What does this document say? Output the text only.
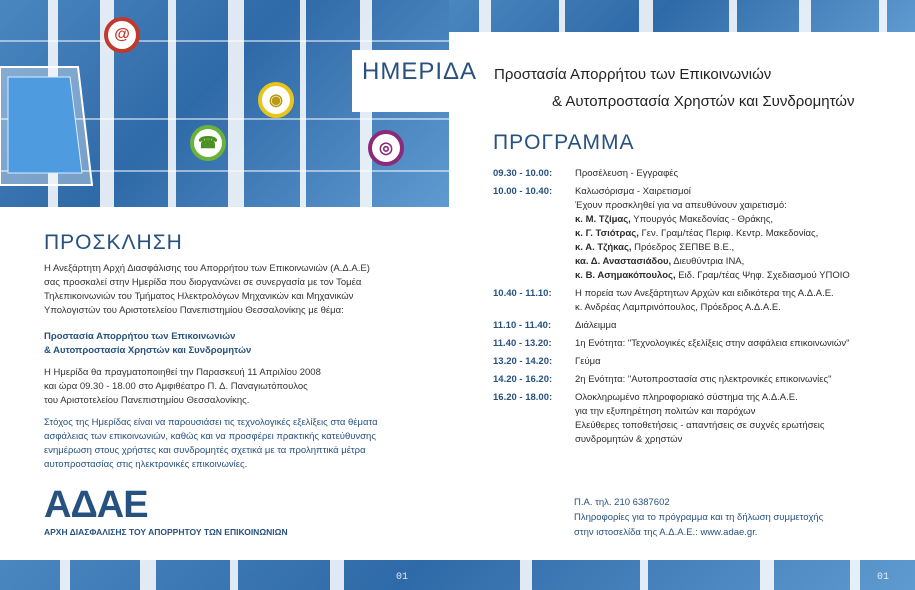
01	01
@
◉
☎	◎
ΗΜΕΡΙΔΑ Προστασία Απορρήτου των Επικοινωνιών
& Αυτοπροστασία Χρηστών και Συνδρομητών
ΠΡΟΓΡΑΜΜΑ
09.30 - 10.00:	Προσέλευση - Εγγραφές
10.00 - 10.40:	Καλωσόρισμα - Χαιρετισμοί
Έχουν προσκληθεί για να απευθύνουν χαιρετισμό:
κ. Μ. Τζίμας, Υπουργός Μακεδονίας - Θράκης,
κ. Γ. Τσιότρας, Γεν. Γραμ/τέας Περιφ. Κεντρ. Μακεδονίας,
κ. Α. Τζήκας, Πρόεδρος ΣΕΠΒΕ Β.Ε.,
κα. Δ. Αναστασιάδου, Διευθύντρια ΙΝΑ,
κ. Β. Ασημακόπουλος, Ειδ. Γραμ/τέας Ψηφ. Σχεδιασμού ΥΠΟΙΟ
10.40 - 11.10:	Η πορεία των Ανεξάρτητων Αρχών και ειδικότερα της Α.Δ.Α.Ε.
κ. Ανδρέας Λαμπρινόπουλος, Πρόεδρος Α.Δ.Α.Ε.
11.10 - 11.40:	Διάλειμμα
11.40 - 13.20:	1η Ενότητα: "Τεχνολογικές εξελίξεις στην ασφάλεια επικοινωνιών"
13.20 - 14.20:	Γεύμα
14.20 - 16.20:	2η Ενότητα: "Αυτοπροστασία στις ηλεκτρονικές επικοινωνίες"
16.20 - 18.00:	Ολοκληρωμένο πληροφοριακό σύστημα της Α.Δ.Α.Ε.
για την εξυπηρέτηση πολιτών και παρόχων
Ελεύθερες τοποθετήσεις - απαντήσεις σε συχνές ερωτήσεις
συνδρομητών & χρηστών
ΠΡΟΣΚΛΗΣΗ
Η Ανεξάρτητη Αρχή Διασφάλισης του Απορρήτου των Επικοινωνιών (Α.Δ.Α.Ε)
σας προσκαλεί στην Ημερίδα που διοργανώνει σε συνεργασία με τον Τομέα
Τηλεπικοινωνιών του Τμήματος Ηλεκτρολόγων Μηχανικών και Μηχανικών
Υπολογιστών του Αριστοτελείου Πανεπιστημίου Θεσσαλονίκης με θέμα:
Προστασία Απορρήτου των Επικοινωνιών
& Αυτοπροστασία Χρηστών και Συνδρομητών
Η Ημερίδα θα πραγματοποιηθεί την Παρασκευή 11 Απριλίου 2008
και ώρα 09.30 - 18.00 στο Αμφιθέατρο Π. Δ. Παναγιωτόπουλος
του Αριστοτελείου Πανεπιστημίου Θεσσαλονίκης.
Στόχος της Ημερίδας είναι να παρουσιάσει τις τεχνολογικές εξελίξεις στα θέματα
ασφάλειας των επικοινωνιών, καθώς και να προσφέρει πρακτικής κατεύθυνσης
ενημέρωση στους χρήστες και συνδρομητές σχετικά με τα προληπτικά μέτρα
αυτοπροστασίας στις ηλεκτρονικές επικοινωνίες.
ΑΔΑΕ
ΑΡΧΗ ΔΙΑΣΦΑΛΙΣΗΣ ΤΟΥ ΑΠΟΡΡΗΤΟΥ ΤΩΝ ΕΠΙΚΟΙΝΩΝΙΩΝ
Π.Α. τηλ. 210 6387602
Πληροφορίες για το πρόγραμμα και τη δήλωση συμμετοχής
στην ιστοσελίδα της Α.Δ.Α.Ε.: www.adae.gr.
